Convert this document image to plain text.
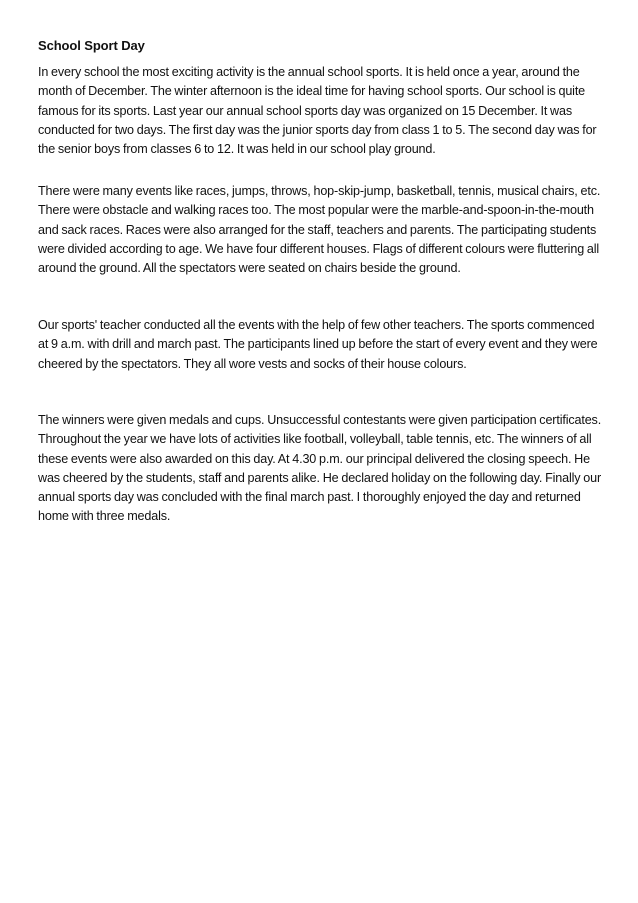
School Sport Day

In every school the most exciting activity is the annual school sports. It is held once a year, around the month of December. The winter afternoon is the ideal time for having school sports. Our school is quite famous for its sports. Last year our annual school sports day was organized on 15 December. It was conducted for two days. The first day was the junior sports day from class 1 to 5. The second day was for the senior boys from classes 6 to 12. It was held in our school play ground.

There were many events like races, jumps, throws, hop-skip-jump, basketball, tennis, musical chairs, etc. There were obstacle and walking races too. The most popular were the marble-and-spoon-in-the-mouth and sack races. Races were also arranged for the staff, teachers and parents. The participating students were divided according to age. We have four different houses. Flags of different colours were fluttering all around the ground. All the spectators were seated on chairs beside the ground.

Our sports' teacher conducted all the events with the help of few other teachers. The sports commenced at 9 a.m. with drill and march past. The participants lined up before the start of every event and they were cheered by the spectators. They all wore vests and socks of their house colours.

The winners were given medals and cups. Unsuccessful contestants were given participation certificates. Throughout the year we have lots of activities like football, volleyball, table tennis, etc. The winners of all these events were also awarded on this day. At 4.30 p.m. our principal delivered the closing speech. He was cheered by the students, staff and parents alike. He declared holiday on the following day. Finally our annual sports day was concluded with the final march past. I thoroughly enjoyed the day and returned home with three medals.
